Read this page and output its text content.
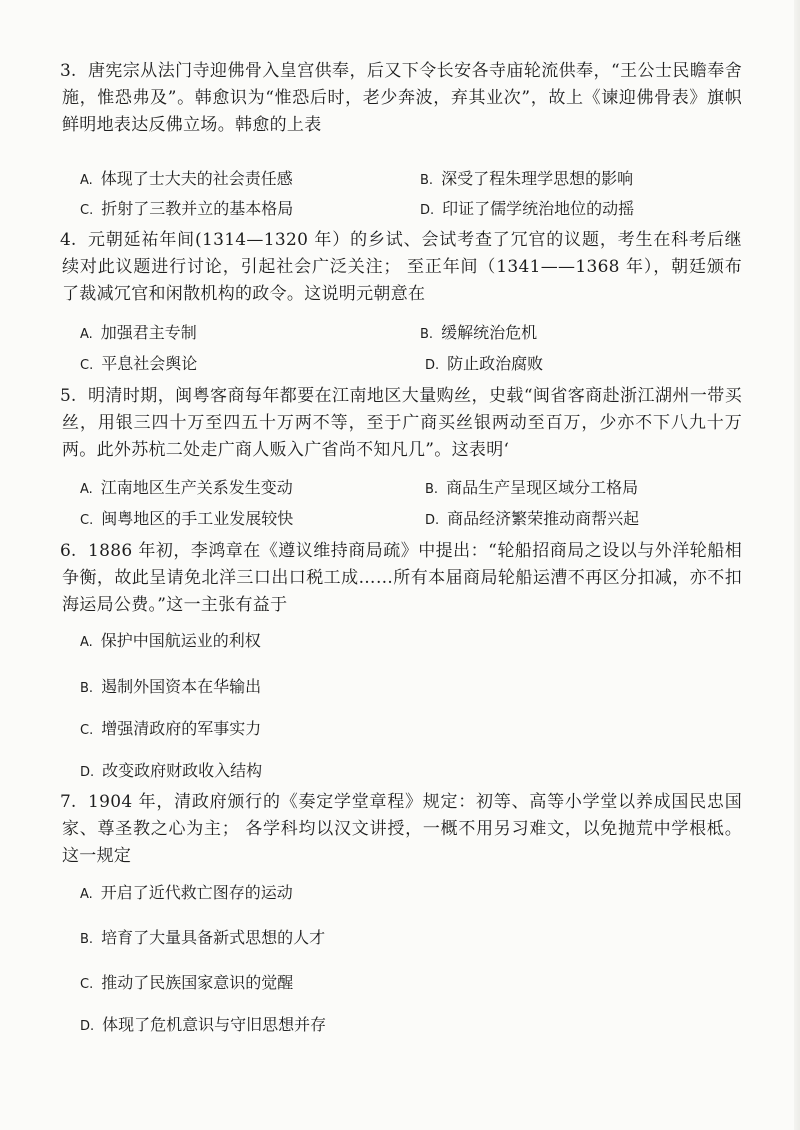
3. 唐宪宗从法门寺迎佛骨入皇宫供奉，后又下令长安各寺庙轮流供奉，“王公士民瞻奉舍施，惟恐弗及”。韩愈识为“惟恐后时，老少奔波，弃其业次”，故上《谏迎佛骨表》旗帜鲜明地表达反佛立场。韩愈的上表
A. 体现了士大夫的社会责任感	B. 深受了程朱理学思想的影响
C. 折射了三教并立的基本格局	D. 印证了儒学统治地位的动摇
4. 元朝延祐年间(1314—1320 年）的乡试、会试考查了冗官的议题，考生在科考后继续对此议题进行讨论，引起社会广泛关注； 至正年间（1341——1368 年），朝廷颁布了裁减冗官和闲散机构的政令。这说明元朝意在
A. 加强君主专制	B. 缓解统治危机
C. 平息社会舆论	D. 防止政治腐败
5. 明清时期，闽粤客商每年都要在江南地区大量购丝，史载“闽省客商赴浙江湖州一带买丝，用银三四十万至四五十万两不等，至于广商买丝银两动至百万，少亦不下八九十万两。此外苏杭二处走广商人贩入广省尚不知凡几”。这表明‘
A. 江南地区生产关系发生变动	B. 商品生产呈现区域分工格局
C. 闽粤地区的手工业发展较快	D. 商品经济繁荣推动商帮兴起
6. 1886 年初，李鸿章在《遵议维持商局疏》中提出：“轮船招商局之设以与外洋轮船相争衡，故此呈请免北洋三口出口税工成……所有本届商局轮船运漕不再区分扣减，亦不扣海运局公费。”这一主张有益于
A. 保护中国航运业的利权
B. 遏制外国资本在华输出
C. 增强清政府的军事实力
D. 改变政府财政收入结构
7. 1904 年，清政府颁行的《奏定学堂章程》规定：初等、高等小学堂以养成国民忠国家、尊圣教之心为主； 各学科均以汉文讲授，一概不用另习难文，以免抛荒中学根柢。这一规定
A. 开启了近代救亡图存的运动
B. 培育了大量具备新式思想的人才
C. 推动了民族国家意识的觉醒
D. 体现了危机意识与守旧思想并存
